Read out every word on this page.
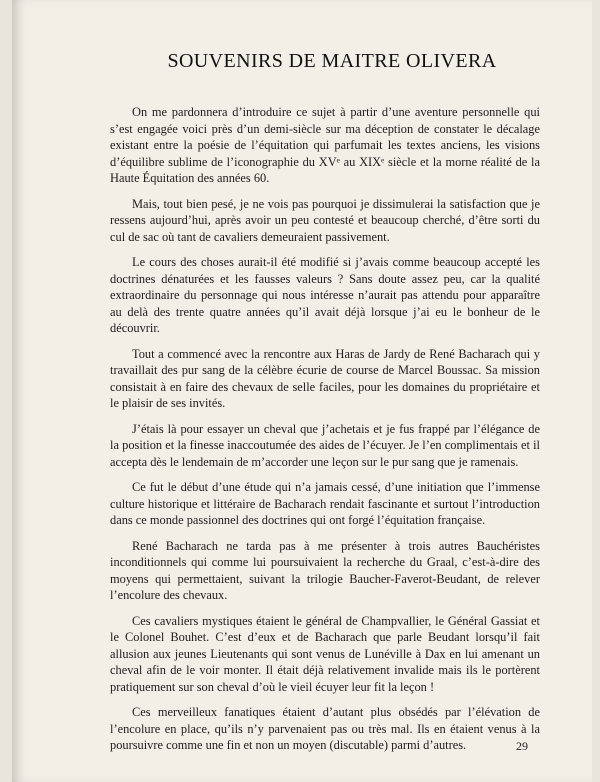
SOUVENIRS DE MAITRE OLIVERA

On me pardonnera d’introduire ce sujet à partir d’une aventure personnelle qui s’est engagée voici près d’un demi-siècle sur ma déception de constater le décalage existant entre la poésie de l’équitation qui parfumait les textes anciens, les visions d’équilibre sublime de l’iconographie du XVᵉ au XIXᵉ siècle et la morne réalité de la Haute Équitation des années 60.

Mais, tout bien pesé, je ne vois pas pourquoi je dissimulerai la satisfaction que je ressens aujourd’hui, après avoir un peu contesté et beaucoup cherché, d’être sorti du cul de sac où tant de cavaliers demeuraient passivement.

Le cours des choses aurait-il été modifié si j’avais comme beaucoup accepté les doctrines dénaturées et les fausses valeurs ? Sans doute assez peu, car la qualité extraordinaire du personnage qui nous intéresse n’aurait pas attendu pour apparaître au delà des trente quatre années qu’il avait déjà lorsque j’ai eu le bonheur de le découvrir.

Tout a commencé avec la rencontre aux Haras de Jardy de René Bacharach qui y travaillait des pur sang de la célèbre écurie de course de Marcel Boussac. Sa mission consistait à en faire des chevaux de selle faciles, pour les domaines du propriétaire et le plaisir de ses invités.

J’étais là pour essayer un cheval que j’achetais et je fus frappé par l’élégance de la position et la finesse inaccoutumée des aides de l’écuyer. Je l’en complimentais et il accepta dès le lendemain de m’accorder une leçon sur le pur sang que je ramenais.

Ce fut le début d’une étude qui n’a jamais cessé, d’une initiation que l’immense culture historique et littéraire de Bacharach rendait fascinante et surtout l’introduction dans ce monde passionnel des doctrines qui ont forgé l’équitation française.

René Bacharach ne tarda pas à me présenter à trois autres Bauchéristes inconditionnels qui comme lui poursuivaient la recherche du Graal, c’est-à-dire des moyens qui permettaient, suivant la trilogie Baucher-Faverot-Beudant, de relever l’encolure des chevaux.

Ces cavaliers mystiques étaient le général de Champvallier, le Général Gassiat et le Colonel Bouhet. C’est d’eux et de Bacharach que parle Beudant lorsqu’il fait allusion aux jeunes Lieutenants qui sont venus de Lunéville à Dax en lui amenant un cheval afin de le voir monter. Il était déjà relativement invalide mais ils le portèrent pratiquement sur son cheval d’où le vieil écuyer leur fit la leçon !

Ces merveilleux fanatiques étaient d’autant plus obsédés par l’élévation de l’encolure en place, qu’ils n’y parvenaient pas ou très mal. Ils en étaient venus à la poursuivre comme une fin et non un moyen (discutable) parmi d’autres.	29
